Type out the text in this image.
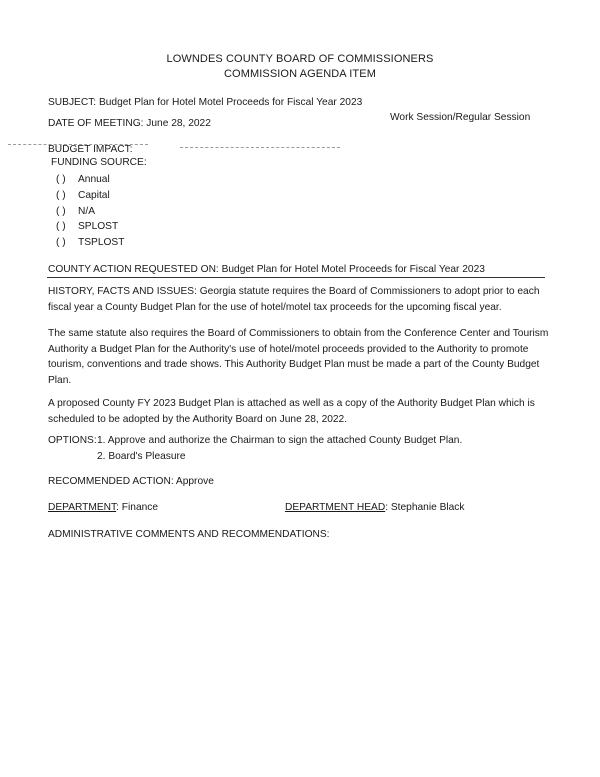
LOWNDES COUNTY BOARD OF COMMISSIONERS
COMMISSION AGENDA ITEM
SUBJECT: Budget Plan for Hotel Motel Proceeds for Fiscal Year 2023
DATE OF MEETING: June 28, 2022
Work Session/Regular Session
BUDGET IMPACT:
FUNDING SOURCE:
( ) Annual
( ) Capital
( ) N/A
( ) SPLOST
( ) TSPLOST
COUNTY ACTION REQUESTED ON: Budget Plan for Hotel Motel Proceeds for Fiscal Year 2023
HISTORY, FACTS AND ISSUES: Georgia statute requires the Board of Commissioners to adopt prior to each fiscal year a County Budget Plan for the use of hotel/motel tax proceeds for the upcoming fiscal year.
The same statute also requires the Board of Commissioners to obtain from the Conference Center and Tourism Authority a Budget Plan for the Authority's use of hotel/motel proceeds provided to the Authority to promote tourism, conventions and trade shows. This Authority Budget Plan must be made a part of the County Budget Plan.
A proposed County FY 2023 Budget Plan is attached as well as a copy of the Authority Budget Plan which is scheduled to be adopted by the Authority Board on June 28, 2022.
OPTIONS: 1. Approve and authorize the Chairman to sign the attached County Budget Plan.
2. Board's Pleasure
RECOMMENDED ACTION: Approve
DEPARTMENT: Finance	DEPARTMENT HEAD: Stephanie Black
ADMINISTRATIVE COMMENTS AND RECOMMENDATIONS:
